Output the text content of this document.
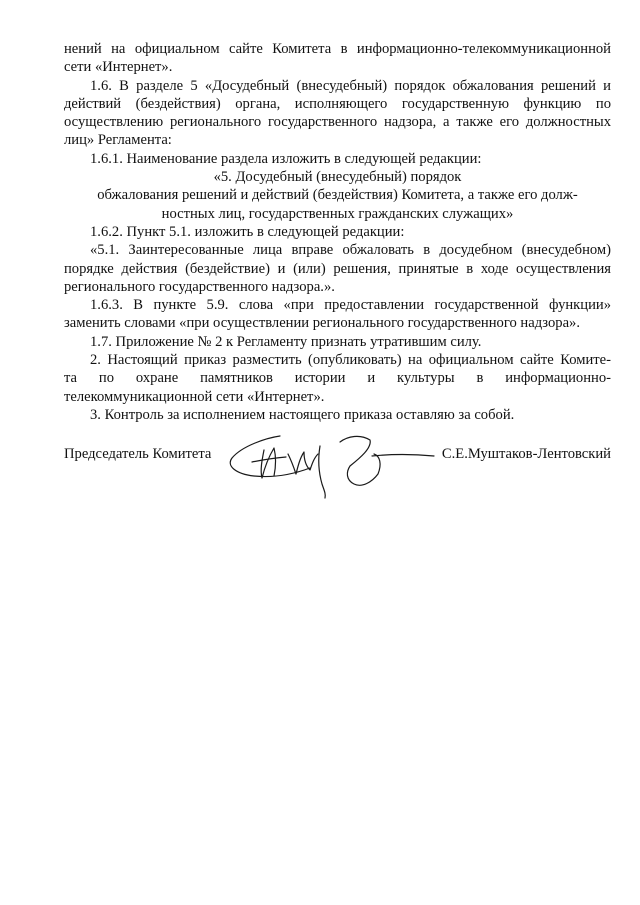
нений на официальном сайте Комитета в информационно-телекоммуникационной

сети «Интернет».

1.6. В разделе 5 «Досудебный (внесудебный) порядок обжалования решений и

действий (бездействия) органа, исполняющего государственную функцию по осуществлению регионального государственного надзора, а также его должностных лиц» Регламента:

1.6.1. Наименование раздела изложить в следующей редакции:

«5. Досудебный (внесудебный) порядок

обжалования решений и действий (бездействия) Комитета, а также его долж-

ностных лиц, государственных гражданских служащих»

1.6.2. Пункт 5.1. изложить в следующей редакции:

«5.1. Заинтересованные лица вправе обжаловать в досудебном (внесудебном)

порядке действия (бездействие) и (или) решения, принятые в ходе осуществления

регионального государственного надзора.».

1.6.3. В пункте 5.9. слова «при предоставлении государственной функции» заменить словами «при осуществлении регионального государственного надзора».

1.7. Приложение № 2 к Регламенту признать утратившим силу.

2. Настоящий приказ разместить (опубликовать) на официальном сайте Комите-

та по охране памятников истории и культуры в информационно-

телекоммуникационной сети «Интернет».

3. Контроль за исполнением настоящего приказа оставляю за собой.

Председатель Комитета	С.Е.Муштаков-Лентовский
